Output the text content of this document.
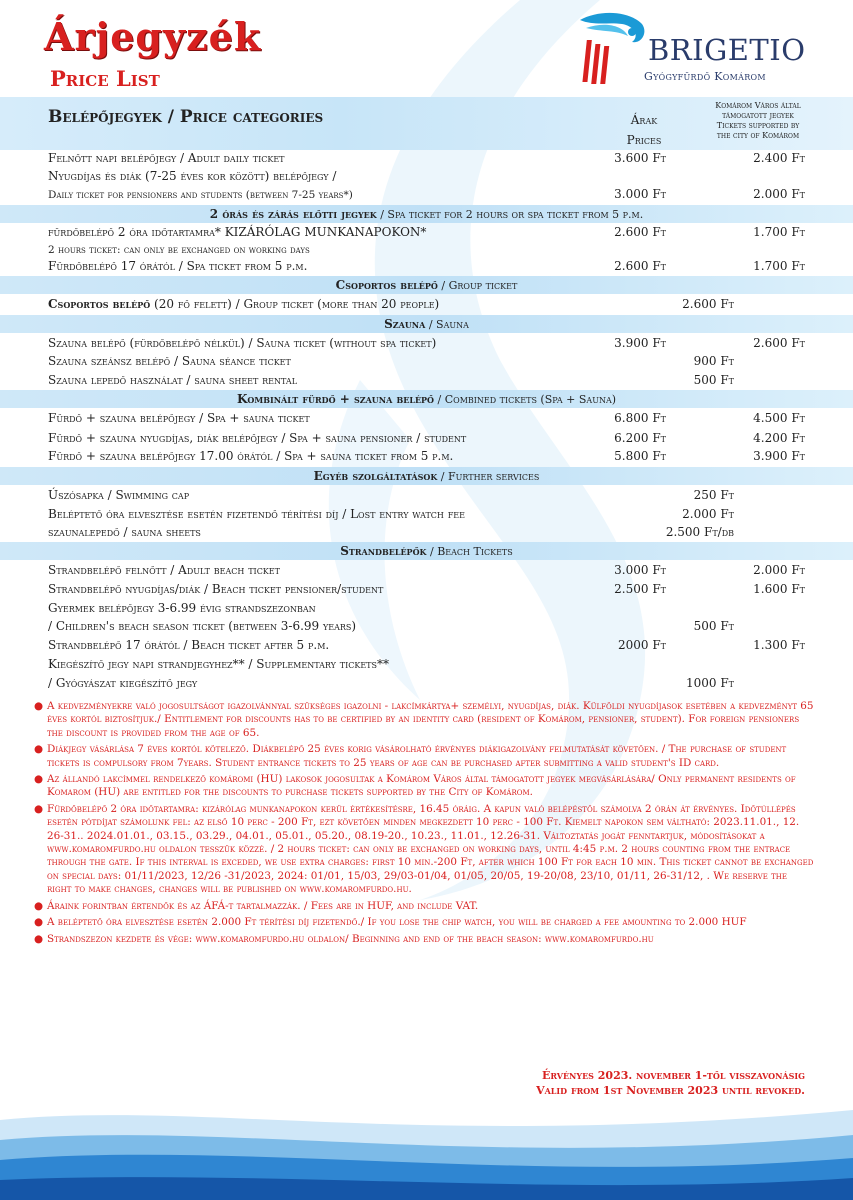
Árjegyzék
Price List
BRIGETIO
Gyógyfürdő Komárom
Belépőjegyek / Price categories	Árak
Prices
Komárom Város által
támogatott jegyek
Tickets supported by
the city of Komárom
Felnőtt napi belépőjegy / Adult daily ticket	3.600 Ft	2.400 Ft
Nyugdíjas és diák (7-25 éves kor között) belépőjegy /
Daily ticket for pensioners and students (between 7-25 years*)	3.000 Ft	2.000 Ft
2 órás és zárás előtti jegyek / Spa ticket for 2 hours or spa ticket from 5 p.m.
fürdőbelépő 2 óra időtartamra* KIZÁRÓLAG MUNKANAPOKON*	2.600 Ft	1.700 Ft
2 hours ticket: can only be exchanged on working days
Fürdőbelépő 17 órától / Spa ticket from 5 p.m.	2.600 Ft	1.700 Ft
Csoportos belépő / Group ticket
Csoportos belépő (20 fő felett) / Group ticket (more than 20 people)	2.600 Ft
Szauna / Sauna
Szauna belépő (fürdőbelépő nélkül) / Sauna ticket (without spa ticket)	3.900 Ft	2.600 Ft
Szauna szeánsz belépő / Sauna séance ticket	900 Ft
Szauna lepedő használat / sauna sheet rental	500 Ft
Kombinált fürdő + szauna belépő / Combined tickets (Spa + Sauna)
Fürdő + szauna belépőjegy / Spa + sauna ticket	6.800 Ft	4.500 Ft
Fürdő + szauna nyugdíjas, diák belépőjegy / Spa + sauna pensioner / student	6.200 Ft	4.200 Ft
Fürdő + szauna belépőjegy 17.00 órától / Spa + sauna ticket from 5 p.m.	5.800 Ft	3.900 Ft
Egyéb szolgáltatások / Further services
Úszósapka / Swimming cap	250 Ft
Beléptető óra elvesztése esetén fizetendő térítési díj / Lost entry watch fee	2.000 Ft
szaunalepedő / sauna sheets	2.500 Ft/db
Strandbelépők / Beach Tickets
Strandbelépő felnőtt / Adult beach ticket	3.000 Ft	2.000 Ft
Strandbelépő nyugdíjas/diák / Beach ticket pensioner/student	2.500 Ft	1.600 Ft
Gyermek belépőjegy 3-6.99 évig strandszezonban
/ Children's beach season ticket (between 3-6.99 years)	500 Ft
Strandbelépő 17 órától / Beach ticket after 5 p.m.	2000 Ft	1.300 Ft
Kiegészítő jegy napi strandjegyhez** / Supplementary tickets**
/ Gyógyászat kiegészítő jegy	1000 Ft
● A kedvezményekre való jogosultságot igazolvánnyal szükséges igazolni - lakcímkártya+ személyi, nyugdíjas, diák. Külföldi nyugdíjasok esetében a kedvezményt 65 éves kortól biztosítjuk./ Entitlement for discounts has to be certified by an identity card (resident of Komárom, pensioner, student). For foreign pensioners the discount is provided from the age of 65.
● Diákjegy vásárlása 7 éves kortól kötelező. Diákbelépő 25 éves korig vásárolható érvényes diákigazolvány felmutatását követően. / The purchase of student tickets is compulsory from 7years. Student entrance tickets to 25 years of age can be purchased after submitting a valid student's ID card.
● Az állandó lakcímmel rendelkező komáromi (HU) lakosok jogosultak a Komárom Város által támogatott jegyek megvásárlására/ Only permanent residents of Komarom (HU) are entitled for the discounts to purchase tickets supported by the City of Komárom.
● Fürdőbelépő 2 óra időtartamra: kizárólag munkanapokon kerül értékesítésre, 16.45 óráig. A kapun való belépéstől számolva 2 órán át érvényes. Időtúllépés esetén pótdíjat számolunk fel: az első 10 perc - 200 Ft, ezt követően minden megkezdett 10 perc - 100 Ft. Kiemelt napokon sem váltható: 2023.11.01., 12. 26-31.. 2024.01.01., 03.15., 03.29., 04.01., 05.01., 05.20., 08.19-20., 10.23., 11.01., 12.26-31. Változtatás jogát fenntartjuk, módosításokat a www.komaromfurdo.hu oldalon tesszük közzé. / 2 hours ticket: can only be exchanged on working days, until 4:45 p.m. 2 hours counting from the entrace through the gate. If this interval is exceded, we use extra charges: first 10 min.-200 Ft, after which 100 Ft for each 10 min. This ticket cannot be exchanged on special days: 01/11/2023, 12/26 -31/2023, 2024: 01/01, 15/03, 29/03-01/04, 01/05, 20/05, 19-20/08, 23/10, 01/11, 26-31/12, . We reserve the right to make changes, changes will be published on www.komaromfurdo.hu.
● Áraink forintban értendők és az ÁFÁ-t tartalmazzák. / Fees are in HUF, and include VAT.
● A beléptető óra elvesztése esetén 2.000 Ft térítési díj fizetendő./ If you lose the chip watch, you will be charged a fee amounting to 2.000 HUF
● Strandszezon kezdete és vége: www.komaromfurdo.hu oldalon/ Beginning and end of the beach season: www.komaromfurdo.hu
Érvényes 2023. november 1-től visszavonásig
Valid from 1st November 2023 until revoked.
